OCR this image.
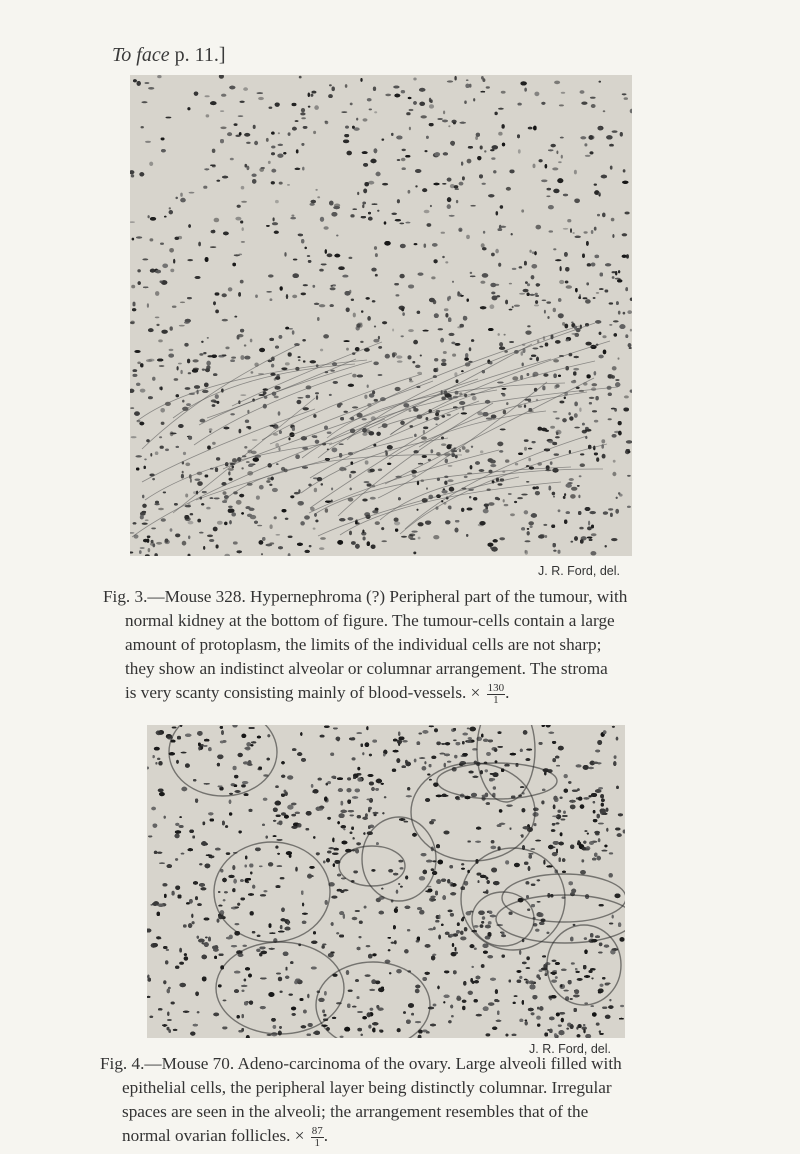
To face p. 11.]
J. R. Ford, del.
Fig. 3.—Mouse 328. Hypernephroma (?) Peripheral part of the tumour, with
normal kidney at the bottom of figure. The tumour-cells contain a large
amount of protoplasm, the limits of the individual cells are not sharp;
they show an indistinct alveolar or columnar arrangement. The stroma
is very scanty consisting mainly of blood-vessels. × $\frac{130}{1}$ .
J. R. Ford, del.
Fig. 4.—Mouse 70. Adeno-carcinoma of the ovary. Large alveoli filled with
epithelial cells, the peripheral layer being distinctly columnar. Irregular
spaces are seen in the alveoli; the arrangement resembles that of the
normal ovarian follicles. × $\frac{87}{1}$ .
